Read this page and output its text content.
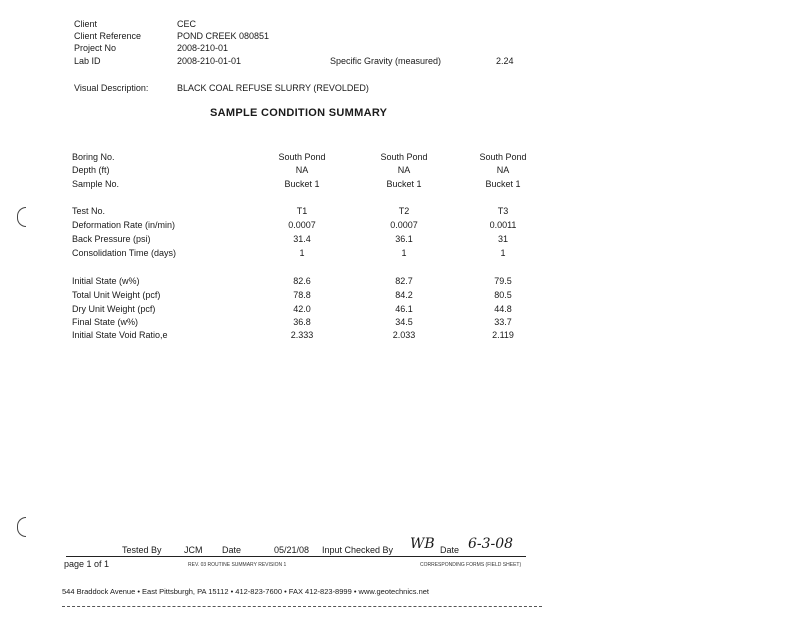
Client	CEC
Client Reference	POND CREEK 080851
Project No	2008-210-01
Lab ID	2008-210-01-01	Specific Gravity (measured)	2.24
Visual Description:	BLACK COAL REFUSE SLURRY (REVOLDED)
SAMPLE CONDITION SUMMARY
Boring No.	South Pond	South Pond	South Pond
Depth (ft)	NA	NA	NA
Sample No.	Bucket 1	Bucket 1	Bucket 1
Test No.	T1	T2	T3
Deformation Rate (in/min)	0.0007	0.0007	0.0011
Back Pressure (psi)	31.4	36.1	31
Consolidation Time (days)	1	1	1
Initial State (w%)	82.6	82.7	79.5
Total Unit Weight (pcf)	78.8	84.2	80.5
Dry Unit Weight (pcf)	42.0	46.1	44.8
Final State (w%)	36.8	34.5	33.7
Initial State Void Ratio,e	2.333	2.033	2.119
Tested By JCM Date	05/21/08 Input Checked By WB Date 6-3-08
page 1 of 1	REV. 03 ROUTINE SUMMARY REVISION 1	CORRESPONDING FORMS (FIELD SHEET)
544 Braddock Avenue • East Pittsburgh, PA 15112 • 412-823-7600 • FAX 412-823-8999 • www.geotechnics.net
